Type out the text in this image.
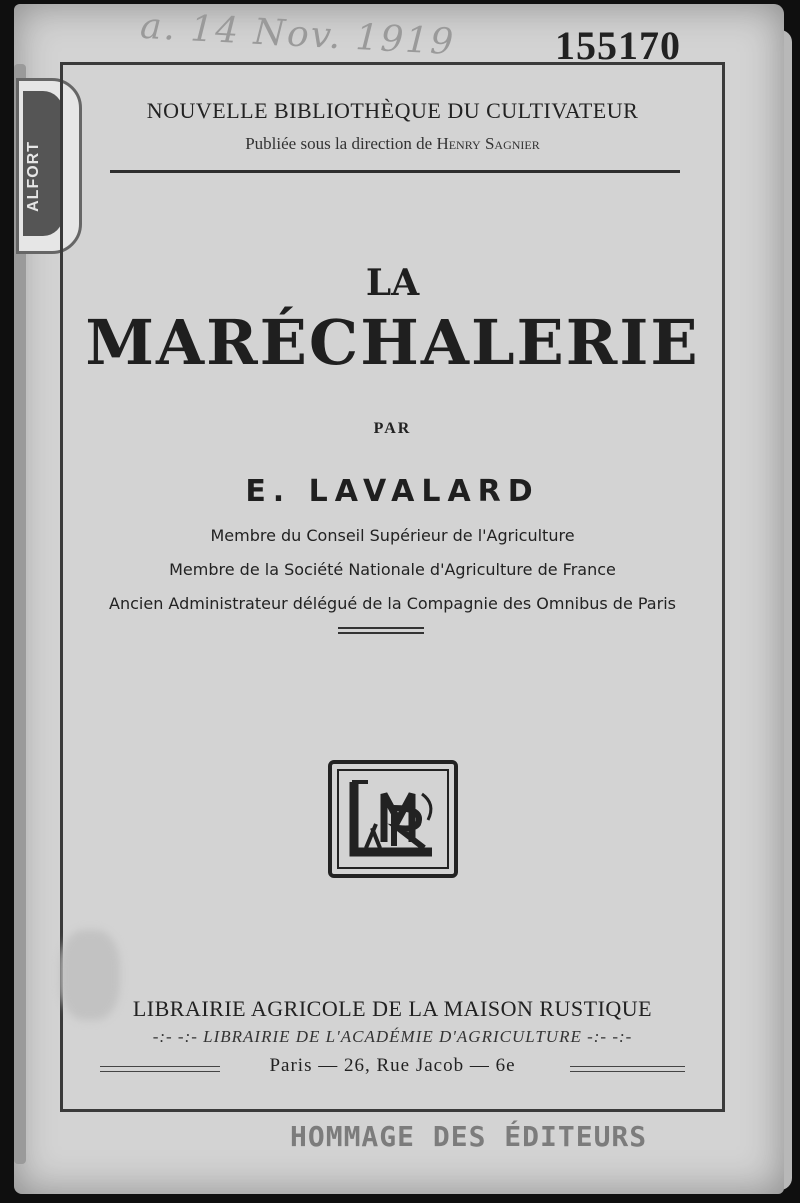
a. 14 Nov. 1919 155170
ALFORT
NOUVELLE BIBLIOTHÈQUE DU CULTIVATEUR
Publiée sous la direction de Henry Sagnier
LA
MARÉCHALERIE
PAR
E. LAVALARD
Membre du Conseil Supérieur de l'Agriculture
Membre de la Société Nationale d'Agriculture de France
Ancien Administrateur délégué de la Compagnie des Omnibus de Paris
LIBRAIRIE AGRICOLE DE LA MAISON RUSTIQUE
-:- -:- LIBRAIRIE DE L'ACADÉMIE D'AGRICULTURE -:- -:-
Paris — 26, Rue Jacob — 6e
HOMMAGE DES ÉDITEURS
